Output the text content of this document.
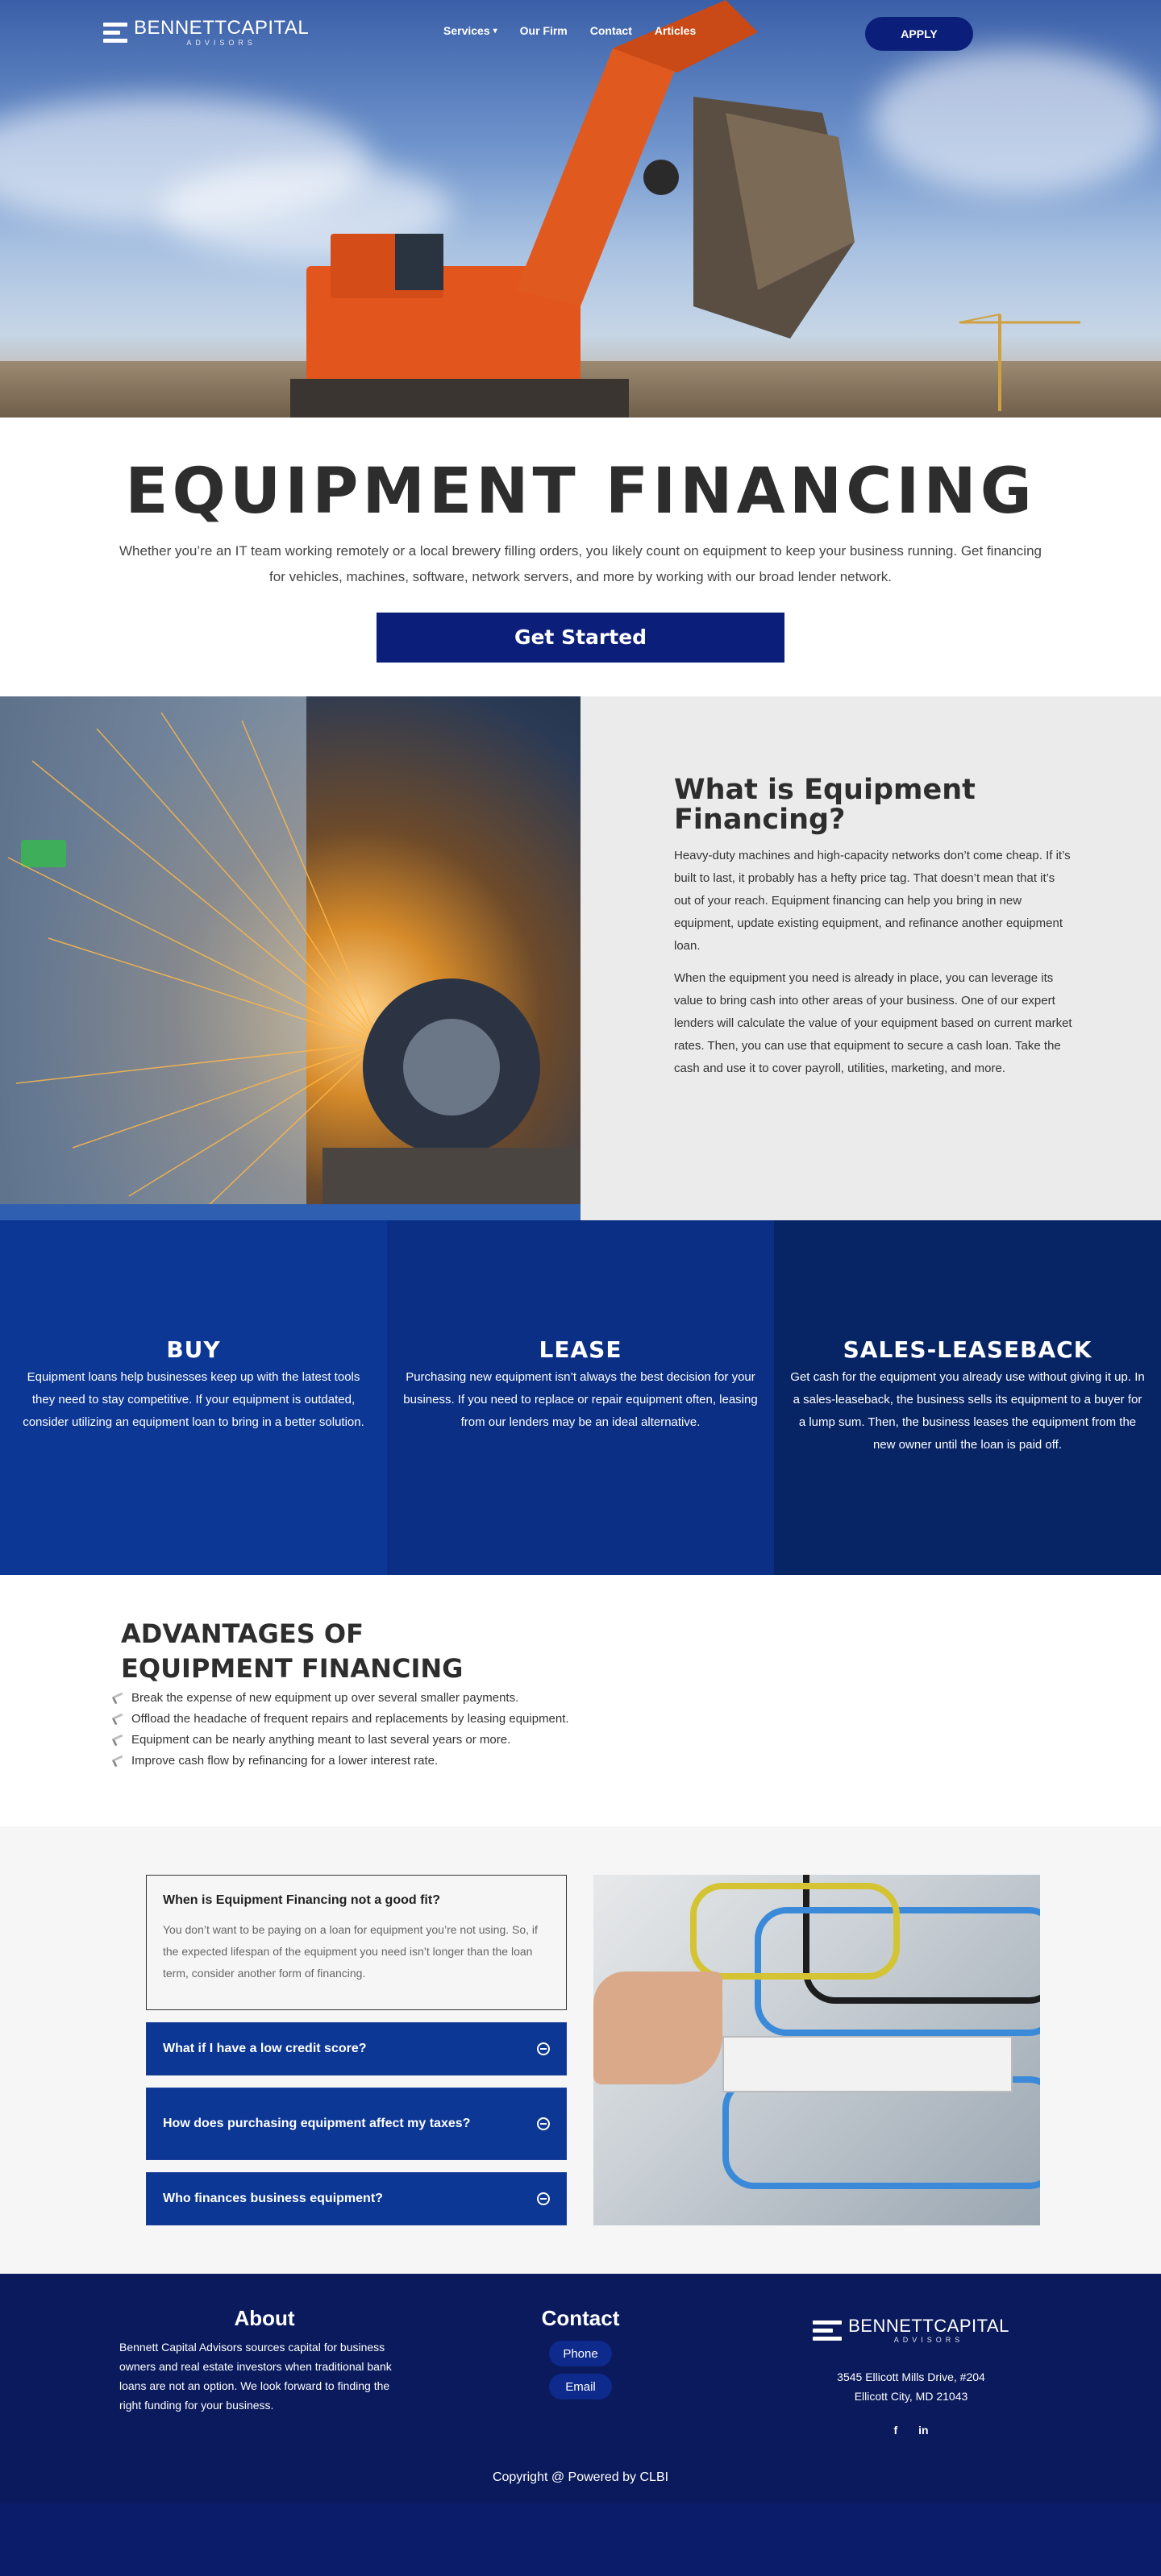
BENNETTCAPITAL
ADVISORS
Services ▾ Our Firm Contact Articles	APPLY
EQUIPMENT FINANCING

Whether you’re an IT team working remotely or a local brewery filling orders, you likely count on equipment to keep your business running. Get financing for vehicles, machines, software, network servers, and more by working with our broad lender network.

Get Started
What is Equipment Financing?

Heavy-duty machines and high-capacity networks don’t come cheap. If it’s built to last, it probably has a hefty price tag. That doesn’t mean that it’s out of your reach. Equipment financing can help you bring in new equipment, update existing equipment, and refinance another equipment loan.

When the equipment you need is already in place, you can leverage its value to bring cash into other areas of your business. One of our expert lenders will calculate the value of your equipment based on current market rates. Then, you can use that equipment to secure a cash loan. Take the cash and use it to cover payroll, utilities, marketing, and more.

BUY

Equipment loans help businesses keep up with the latest tools they need to stay competitive. If your equipment is outdated, consider utilizing an equipment loan to bring in a better solution.

LEASE

Purchasing new equipment isn’t always the best decision for your business. If you need to replace or repair equipment often, leasing from our lenders may be an ideal alternative.

SALES-LEASEBACK

Get cash for the equipment you already use without giving it up. In a sales-leaseback, the business sells its equipment to a buyer for a lump sum. Then, the business leases the equipment from the new owner until the loan is paid off.

ADVANTAGES OF
EQUIPMENT FINANCING
Break the expense of new equipment up over several smaller payments.
Offload the headache of frequent repairs and replacements by leasing equipment.
Equipment can be nearly anything meant to last several years or more.
Improve cash flow by refinancing for a lower interest rate.
When is Equipment Financing not a good fit?

You don’t want to be paying on a loan for equipment you’re not using. So, if the expected lifespan of the equipment you need isn’t longer than the loan term, consider another form of financing.

What if I have a low credit score?
How does purchasing equipment affect my taxes?
Who finances business equipment?
About

Bennett Capital Advisors sources capital for business owners and real estate investors when traditional bank loans are not an option. We look forward to finding the right funding for your business.

Contact
Phone
Email
BENNETTCAPITAL
ADVISORS
3545 Ellicott Mills Drive, #204
Ellicott City, MD 21043
f in
Copyright @ Powered by CLBI
